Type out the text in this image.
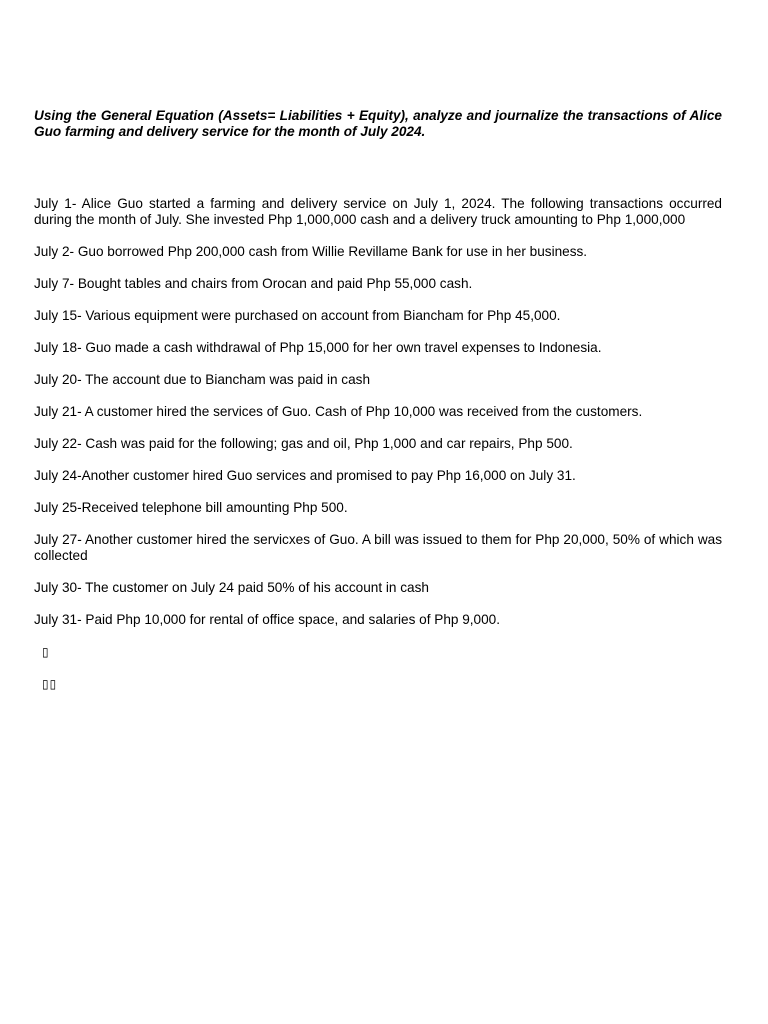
Using the General Equation (Assets= Liabilities + Equity), analyze and journalize the transactions of Alice Guo farming and delivery service for the month of July 2024.

July 1- Alice Guo started a farming and delivery service on July 1, 2024. The following transactions occurred during the month of July. She invested Php 1,000,000 cash and a delivery truck amounting to Php 1,000,000

July 2- Guo borrowed Php 200,000 cash from Willie Revillame Bank for use in her business.

July 7- Bought tables and chairs from Orocan and paid Php 55,000 cash.

July 15- Various equipment were purchased on account from Biancham for Php 45,000.

July 18- Guo made a cash withdrawal of Php 15,000 for her own travel expenses to Indonesia.

July 20- The account due to Biancham was paid in cash

July 21- A customer hired the services of Guo. Cash of Php 10,000 was received from the customers.

July 22- Cash was paid for the following; gas and oil, Php 1,000 and car repairs, Php 500.

July 24-Another customer hired Guo services and promised to pay Php 16,000 on July 31.

July 25-Received telephone bill amounting Php 500.

July 27- Another customer hired the servicxes of Guo. A bill was issued to them for Php 20,000, 50% of which was collected

July 30- The customer on July 24 paid 50% of his account in cash

July 31- Paid Php 10,000 for rental of office space, and salaries of Php 9,000.

▯
▯▯
